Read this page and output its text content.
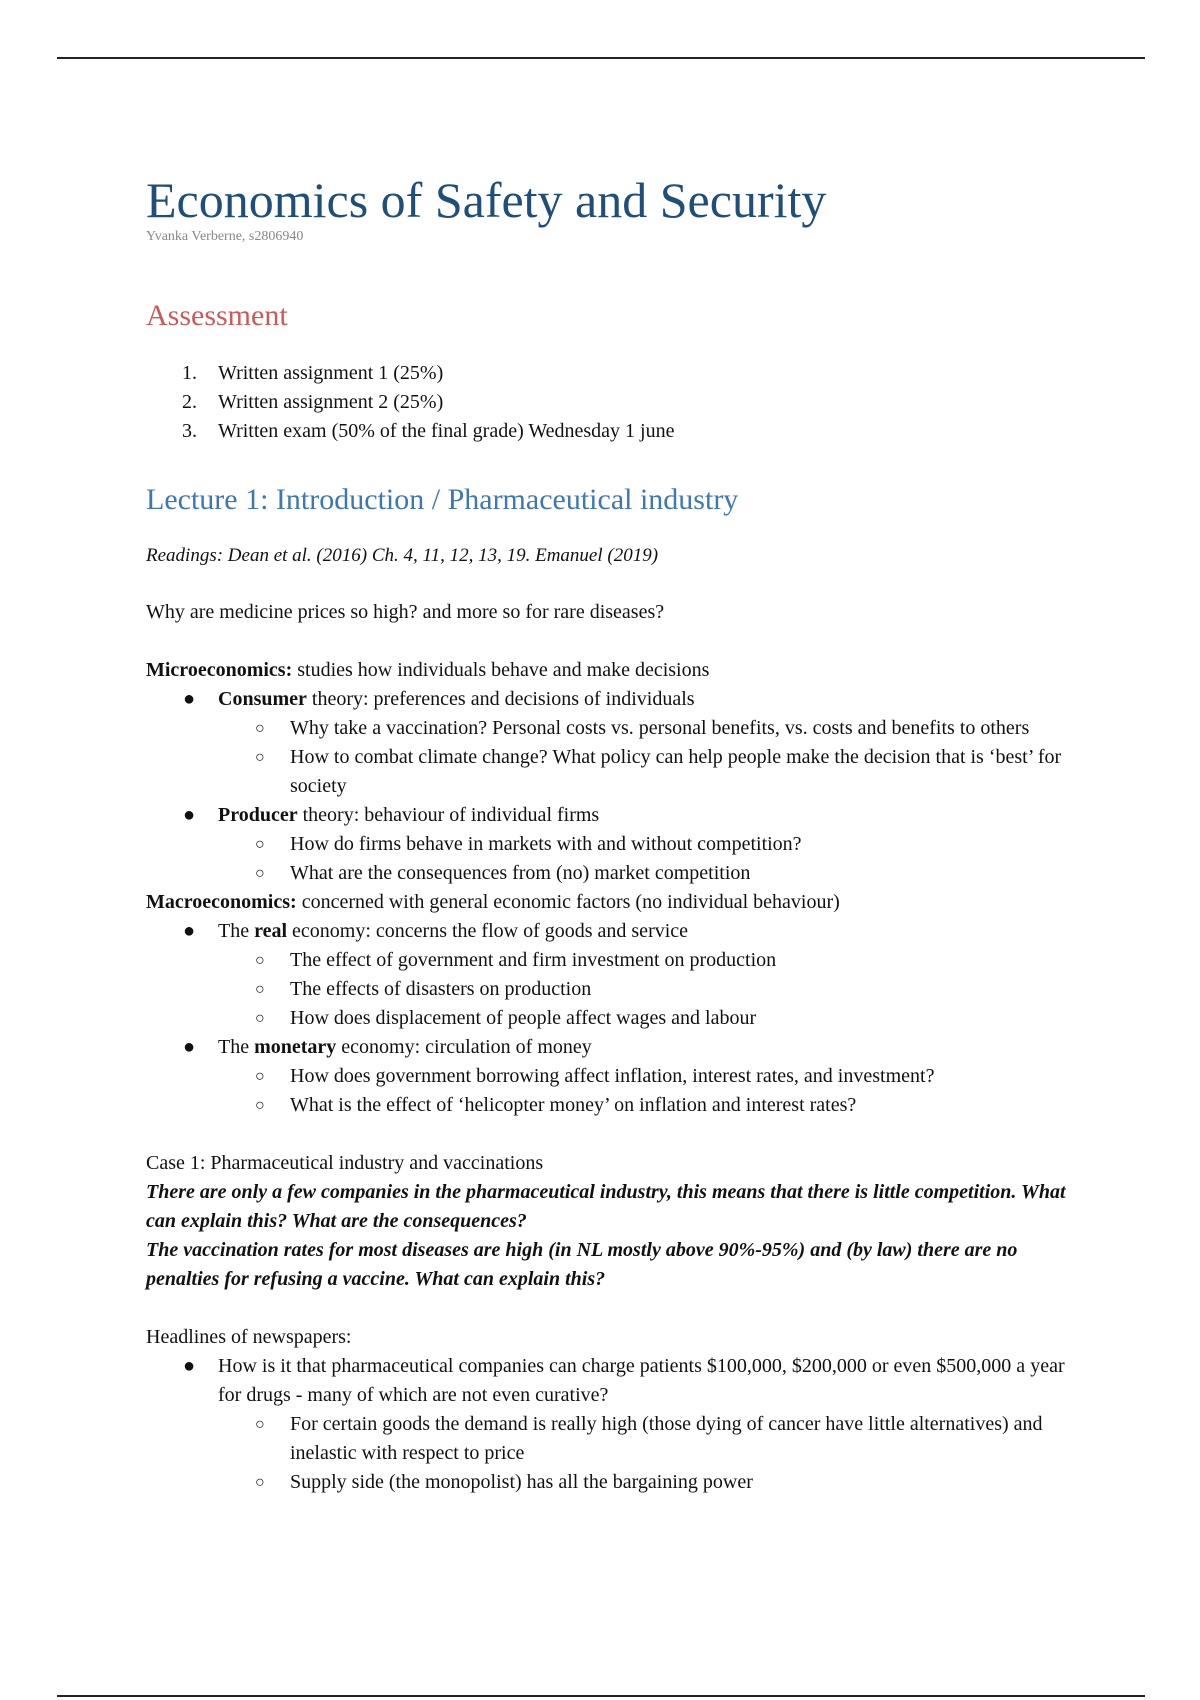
Economics of Safety and Security
Yvanka Verberne, s2806940
Assessment
1. Written assignment 1 (25%)
2. Written assignment 2 (25%)
3. Written exam (50% of the final grade) Wednesday 1 june
Lecture 1: Introduction / Pharmaceutical industry
Readings: Dean et al. (2016) Ch. 4, 11, 12, 13, 19. Emanuel (2019)
Why are medicine prices so high? and more so for rare diseases?
Microeconomics: studies how individuals behave and make decisions
● Consumer theory: preferences and decisions of individuals
○ Why take a vaccination? Personal costs vs. personal benefits, vs. costs and benefits to others
○ How to combat climate change? What policy can help people make the decision that is ‘best’ for society
● Producer theory: behaviour of individual firms
○ How do firms behave in markets with and without competition?
○ What are the consequences from (no) market competition
Macroeconomics: concerned with general economic factors (no individual behaviour)
● The real economy: concerns the flow of goods and service
○ The effect of government and firm investment on production
○ The effects of disasters on production
○ How does displacement of people affect wages and labour
● The monetary economy: circulation of money
○ How does government borrowing affect inflation, interest rates, and investment?
○ What is the effect of ‘helicopter money’ on inflation and interest rates?
Case 1: Pharmaceutical industry and vaccinations
There are only a few companies in the pharmaceutical industry, this means that there is little competition. What can explain this? What are the consequences?
The vaccination rates for most diseases are high (in NL mostly above 90%-95%) and (by law) there are no penalties for refusing a vaccine. What can explain this?
Headlines of newspapers:
● How is it that pharmaceutical companies can charge patients $100,000, $200,000 or even $500,000 a year for drugs - many of which are not even curative?
○ For certain goods the demand is really high (those dying of cancer have little alternatives) and inelastic with respect to price
○ Supply side (the monopolist) has all the bargaining power
